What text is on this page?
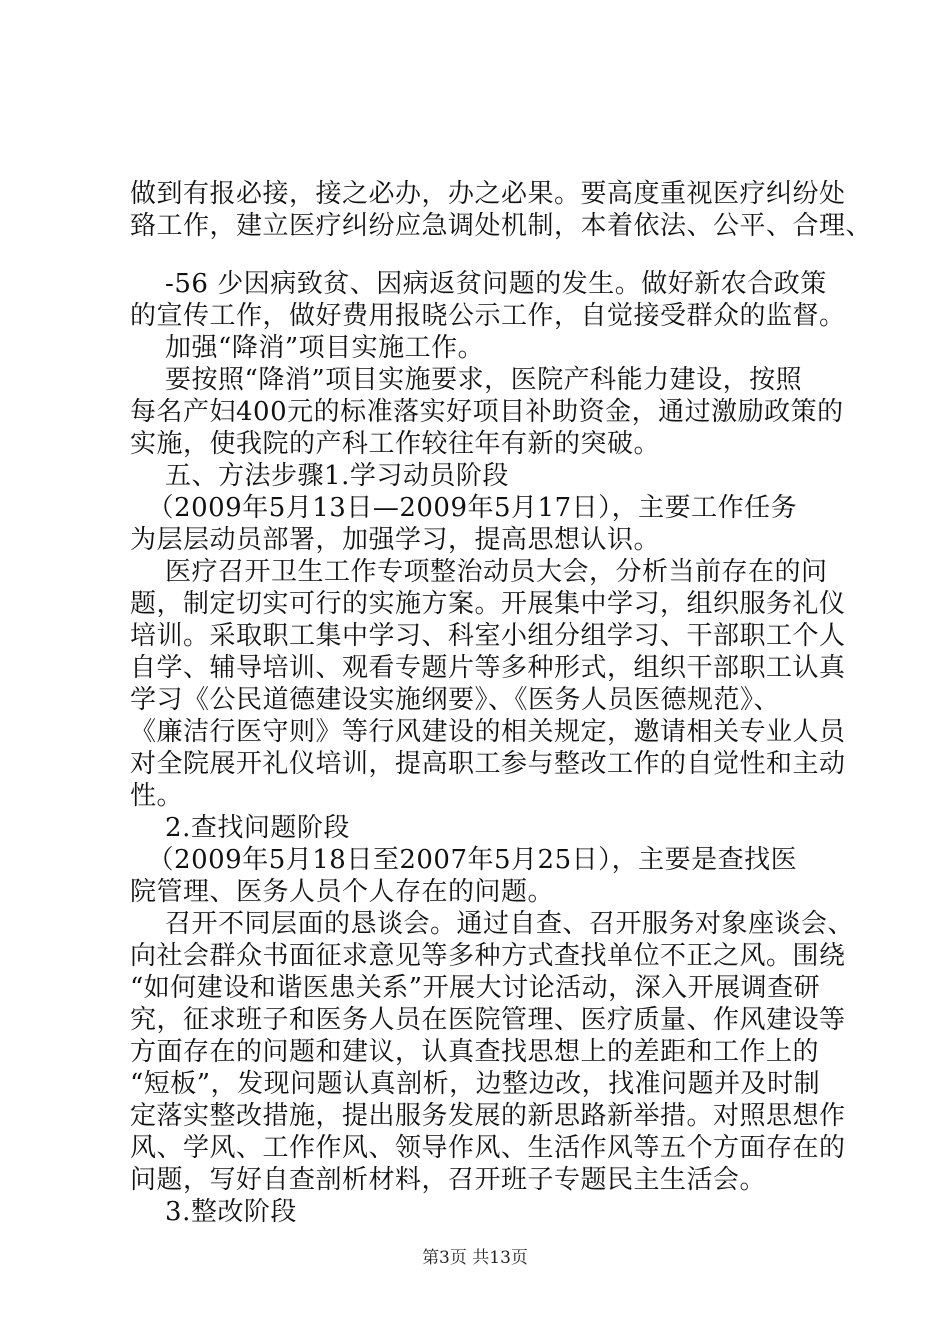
做到有报必接，接之必办，办之必果。要高度重视医疗纠纷处
臵工作，建立医疗纠纷应急调处机制，本着依法、公平、合理、
-56 少因病致贫、因病返贫问题的发生。做好新农合政策
的宣传工作，做好费用报晓公示工作，自觉接受群众的监督。
加强“降消”项目实施工作。
要按照“降消”项目实施要求，医院产科能力建设，按照
每名产妇400元的标准落实好项目补助资金，通过激励政策的
实施，使我院的产科工作较往年有新的突破。
五、方法步骤1.学习动员阶段
（2009年5月13日—2009年5月17日），主要工作任务
为层层动员部署，加强学习，提高思想认识。
医疗召开卫生工作专项整治动员大会，分析当前存在的问
题，制定切实可行的实施方案。开展集中学习，组织服务礼仪
培训。采取职工集中学习、科室小组分组学习、干部职工个人
自学、辅导培训、观看专题片等多种形式，组织干部职工认真
学习《公民道德建设实施纲要》、《医务人员医德规范》、
《廉洁行医守则》等行风建设的相关规定，邀请相关专业人员
对全院展开礼仪培训，提高职工参与整改工作的自觉性和主动
性。
2.查找问题阶段
（2009年5月18日至2007年5月25日），主要是查找医
院管理、医务人员个人存在的问题。
召开不同层面的恳谈会。通过自查、召开服务对象座谈会、
向社会群众书面征求意见等多种方式查找单位不正之风。围绕
“如何建设和谐医患关系”开展大讨论活动，深入开展调查研
究，征求班子和医务人员在医院管理、医疗质量、作风建设等
方面存在的问题和建议，认真查找思想上的差距和工作上的
“短板”，发现问题认真剖析，边整边改，找准问题并及时制
定落实整改措施，提出服务发展的新思路新举措。对照思想作
风、学风、工作作风、领导作风、生活作风等五个方面存在的
问题，写好自查剖析材料，召开班子专题民主生活会。
3.整改阶段
第3页 共13页
